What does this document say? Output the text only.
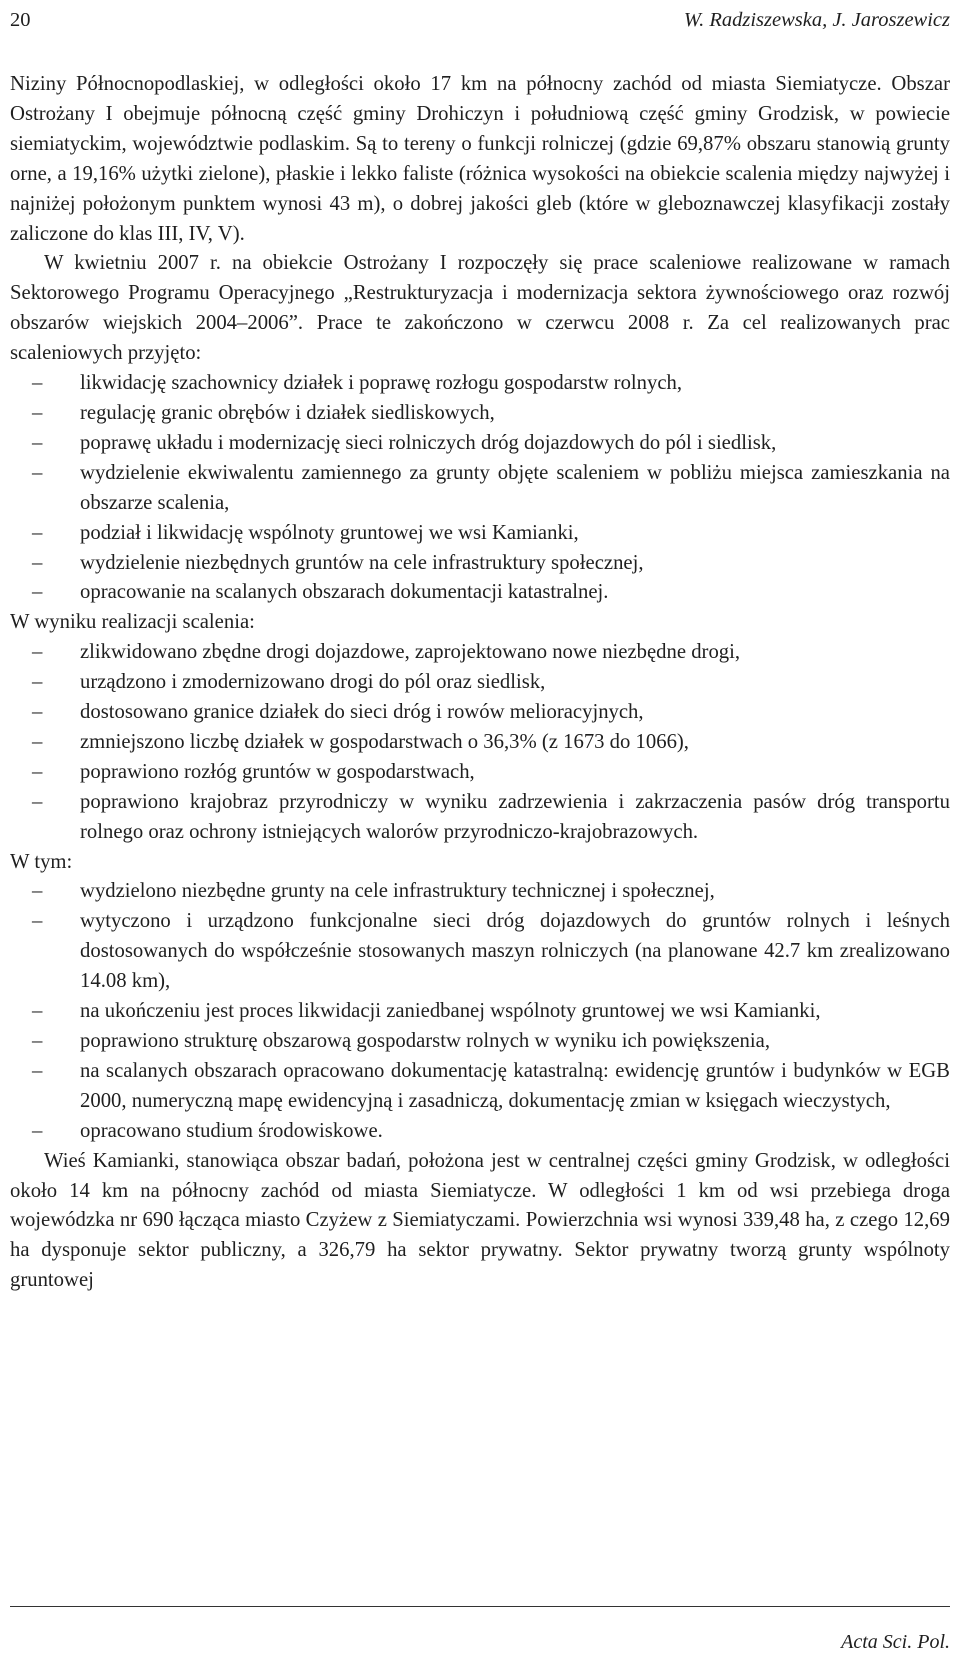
20	W. Radziszewska, J. Jaroszewicz

Niziny Północnopodlaskiej, w odległości około 17 km na północny zachód od miasta Siemiatycze. Obszar Ostrożany I obejmuje północną część gminy Drohiczyn i południową część gminy Grodzisk, w powiecie siemiatyckim, województwie podlaskim. Są to tereny o funkcji rolniczej (gdzie 69,87% obszaru stanowią grunty orne, a 19,16% użytki zielone), płaskie i lekko faliste (różnica wysokości na obiekcie scalenia między najwyżej i najniżej położonym punktem wynosi 43 m), o dobrej jakości gleb (które w gleboznawczej klasyfikacji zostały zaliczone do klas III, IV, V).

W kwietniu 2007 r. na obiekcie Ostrożany I rozpoczęły się prace scaleniowe realizowane w ramach Sektorowego Programu Operacyjnego „Restrukturyzacja i modernizacja sektora żywnościowego oraz rozwój obszarów wiejskich 2004–2006”. Prace te zakończono w czerwcu 2008 r. Za cel realizowanych prac scaleniowych przyjęto:

– likwidację szachownicy działek i poprawę rozłogu gospodarstw rolnych,
– regulację granic obrębów i działek siedliskowych,
– poprawę układu i modernizację sieci rolniczych dróg dojazdowych do pól i siedlisk,
– wydzielenie ekwiwalentu zamiennego za grunty objęte scaleniem w pobliżu miejsca zamieszkania na obszarze scalenia,
– podział i likwidację wspólnoty gruntowej we wsi Kamianki,
– wydzielenie niezbędnych gruntów na cele infrastruktury społecznej,
– opracowanie na scalanych obszarach dokumentacji katastralnej.

W wyniku realizacji scalenia:

– zlikwidowano zbędne drogi dojazdowe, zaprojektowano nowe niezbędne drogi,
– urządzono i zmodernizowano drogi do pól oraz siedlisk,
– dostosowano granice działek do sieci dróg i rowów melioracyjnych,
– zmniejszono liczbę działek w gospodarstwach o 36,3% (z 1673 do 1066),
– poprawiono rozłóg gruntów w gospodarstwach,
– poprawiono krajobraz przyrodniczy w wyniku zadrzewienia i zakrzaczenia pasów dróg transportu rolnego oraz ochrony istniejących walorów przyrodniczo-krajobrazowych.

W tym:

– wydzielono niezbędne grunty na cele infrastruktury technicznej i społecznej,
– wytyczono i urządzono funkcjonalne sieci dróg dojazdowych do gruntów rolnych i leśnych dostosowanych do współcześnie stosowanych maszyn rolniczych (na planowane 42.7 km zrealizowano 14.08 km),
– na ukończeniu jest proces likwidacji zaniedbanej wspólnoty gruntowej we wsi Kamianki,
– poprawiono strukturę obszarową gospodarstw rolnych w wyniku ich powiększenia,
– na scalanych obszarach opracowano dokumentację katastralną: ewidencję gruntów i budynków w EGB 2000, numeryczną mapę ewidencyjną i zasadniczą, dokumentację zmian w księgach wieczystych,
– opracowano studium środowiskowe.

Wieś Kamianki, stanowiąca obszar badań, położona jest w centralnej części gminy Grodzisk, w odległości około 14 km na północny zachód od miasta Siemiatycze. W odległości 1 km od wsi przebiega droga wojewódzka nr 690 łącząca miasto Czyżew z Siemiatyczami. Powierzchnia wsi wynosi 339,48 ha, z czego 12,69 ha dysponuje sektor publiczny, a 326,79 ha sektor prywatny. Sektor prywatny tworzą grunty wspólnoty gruntowej

Acta Sci. Pol.
